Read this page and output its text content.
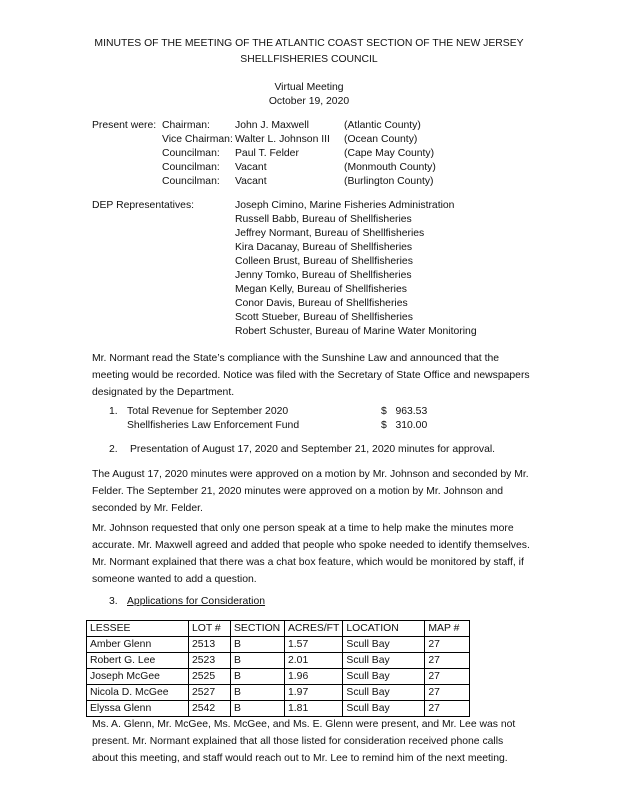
MINUTES OF THE MEETING OF THE ATLANTIC COAST SECTION OF THE NEW JERSEY
SHELLFISHERIES COUNCIL
Virtual Meeting
October 19, 2020
Present were: Chairman: John J. Maxwell	(Atlantic County)
Vice Chairman: Walter L. Johnson III (Ocean County)
Councilman: Paul T. Felder	(Cape May County)
Councilman: Vacant	(Monmouth County)
Councilman: Vacant	(Burlington County)
DEP Representatives:	Joseph Cimino, Marine Fisheries Administration
Russell Babb, Bureau of Shellfisheries
Jeffrey Normant, Bureau of Shellfisheries
Kira Dacanay, Bureau of Shellfisheries
Colleen Brust, Bureau of Shellfisheries
Jenny Tomko, Bureau of Shellfisheries
Megan Kelly, Bureau of Shellfisheries
Conor Davis, Bureau of Shellfisheries
Scott Stueber, Bureau of Shellfisheries
Robert Schuster, Bureau of Marine Water Monitoring
Mr. Normant read the State’s compliance with the Sunshine Law and announced that the meeting would be recorded. Notice was filed with the Secretary of State Office and newspapers designated by the Department.
1. Total Revenue for September 2020	$   963.53
Shellfisheries Law Enforcement Fund	$   310.00
2. Presentation of August 17, 2020 and September 21, 2020 minutes for approval.
The August 17, 2020 minutes were approved on a motion by Mr. Johnson and seconded by Mr. Felder. The September 21, 2020 minutes were approved on a motion by Mr. Johnson and seconded by Mr. Felder.
Mr. Johnson requested that only one person speak at a time to help make the minutes more accurate. Mr. Maxwell agreed and added that people who spoke needed to identify themselves. Mr. Normant explained that there was a chat box feature, which would be monitored by staff, if someone wanted to add a question.
3. Applications for Consideration
LESSEE	LOT #	SECTION	ACRES/FT	LOCATION	MAP #
Amber Glenn	2513	B	1.57	Scull Bay	27
Robert G. Lee	2523	B	2.01	Scull Bay	27
Joseph McGee	2525	B	1.96	Scull Bay	27
Nicola D. McGee	2527	B	1.97	Scull Bay	27
Elyssa Glenn	2542	B	1.81	Scull Bay	27
Ms. A. Glenn, Mr. McGee, Ms. McGee, and Ms. E. Glenn were present, and Mr. Lee was not present. Mr. Normant explained that all those listed for consideration received phone calls about this meeting, and staff would reach out to Mr. Lee to remind him of the next meeting.
